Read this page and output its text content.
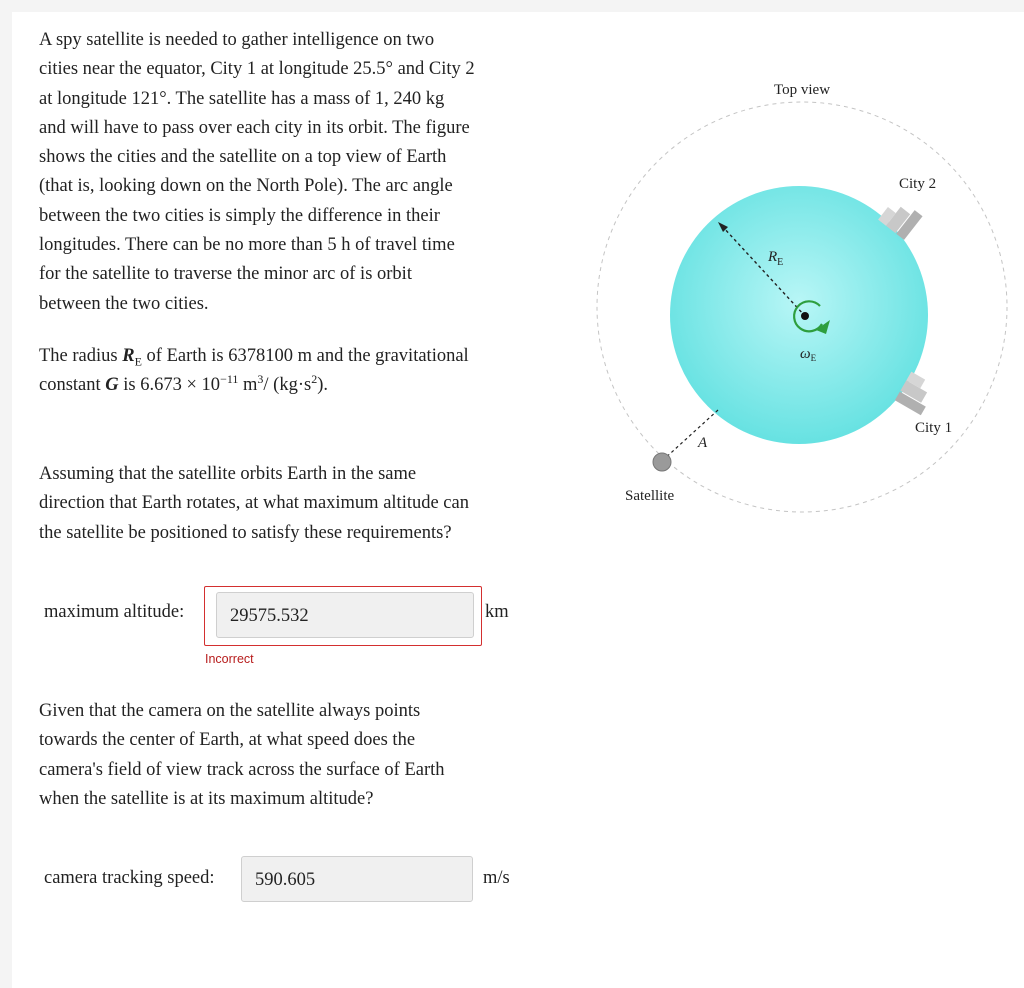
A spy satellite is needed to gather intelligence on two
cities near the equator, City 1 at longitude 25.5° and City 2
at longitude 121°. The satellite has a mass of 1, 240 kg
and will have to pass over each city in its orbit. The figure
shows the cities and the satellite on a top view of Earth
(that is, looking down on the North Pole). The arc angle
between the two cities is simply the difference in their
longitudes. There can be no more than 5 h of travel time
for the satellite to traverse the minor arc of is orbit
between the two cities.
The radius $R_E$ of Earth is 6378100 m and the gravitational
constant G is $6.673 \times 10^{-11}$ $m^3/$ $(kg\cdot s^2)$.
Assuming that the satellite orbits Earth in the same
direction that Earth rotates, at what maximum altitude can
the satellite be positioned to satisfy these requirements?
Given that the camera on the satellite always points
towards the center of Earth, at what speed does the
camera's field of view track across the surface of Earth
when the satellite is at its maximum altitude?
maximum altitude:	29575.532	km
Incorrect
camera tracking speed:	590.605	m/s
Top view
City 2
City 1
Satellite
$R_E$
$\omega_E$
A
